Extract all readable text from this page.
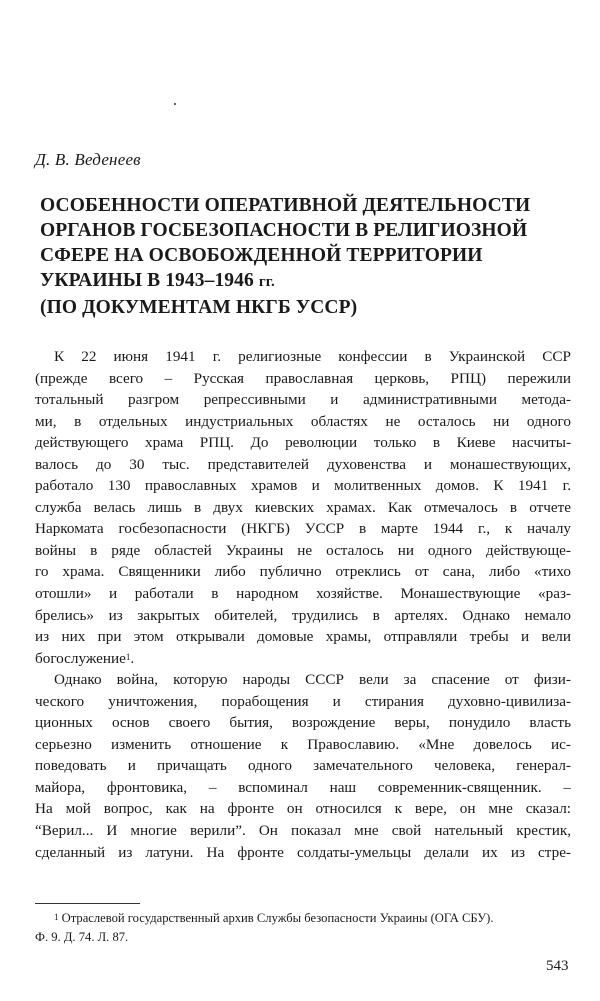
Д. В. Веденеев
ОСОБЕННОСТИ ОПЕРАТИВНОЙ ДЕЯТЕЛЬНОСТИ
ОРГАНОВ ГОСБЕЗОПАСНОСТИ В РЕЛИГИОЗНОЙ
СФЕРЕ НА ОСВОБОЖДЕННОЙ ТЕРРИТОРИИ
УКРАИНЫ В 1943–1946 гг.
(ПО ДОКУМЕНТАМ НКГБ УССР)
К 22 июня 1941 г. религиозные конфессии в Украинской ССР
(прежде всего – Русская православная церковь, РПЦ) пережили
тотальный разгром репрессивными и административными метода-
ми, в отдельных индустриальных областях не осталось ни одного
действующего храма РПЦ. До революции только в Киеве насчиты-
валось до 30 тыс. представителей духовенства и монашествующих,
работало 130 православных храмов и молитвенных домов. К 1941 г.
служба велась лишь в двух киевских храмах. Как отмечалось в отчете
Наркомата госбезопасности (НКГБ) УССР в марте 1944 г., к началу
войны в ряде областей Украины не осталось ни одного действующе-
го храма. Священники либо публично отреклись от сана, либо «тихо
отошли» и работали в народном хозяйстве. Монашествующие «раз-
брелись» из закрытых обителей, трудились в артелях. Однако немало
из них при этом открывали домовые храмы, отправляли требы и вели
богослужение$^1$.
Однако война, которую народы СССР вели за спасение от физи-
ческого уничтожения, порабощения и стирания духовно-цивилиза-
ционных основ своего бытия, возрождение веры, понудило власть
серьезно изменить отношение к Православию. «Мне довелось ис-
поведовать и причащать одного замечательного человека, генерал-
майора, фронтовика, – вспоминал наш современник-священник. –
На мой вопрос, как на фронте он относился к вере, он мне сказал:
“Верил... И многие верили”. Он показал мне свой нательный крестик,
сделанный из латуни. На фронте солдаты-умельцы делали их из стре-
$^1$ Отраслевой государственный архив Службы безопасности Украины (ОГА СБУ).
Ф. 9. Д. 74. Л. 87.
543
